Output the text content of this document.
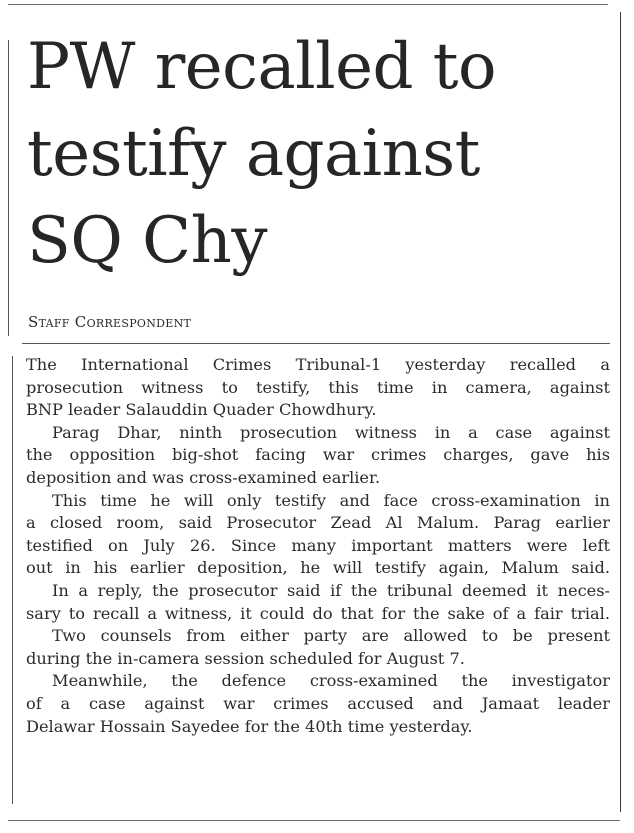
PW recalled to
testify against
SQ Chy
Staff Correspondent
The International Crimes Tribunal-1 yesterday recalled a
prosecution witness to testify, this time in camera, against
BNP leader Salauddin Quader Chowdhury.
Parag Dhar, ninth prosecution witness in a case against
the opposition big-shot facing war crimes charges, gave his
deposition and was cross-examined earlier.
This time he will only testify and face cross-examination in
a closed room, said Prosecutor Zead Al Malum. Parag earlier
testified on July 26. Since many important matters were left
out in his earlier deposition, he will testify again, Malum said.
In a reply, the prosecutor said if the tribunal deemed it neces-
sary to recall a witness, it could do that for the sake of a fair trial.
Two counsels from either party are allowed to be present
during the in-camera session scheduled for August 7.
Meanwhile, the defence cross-examined the investigator
of a case against war crimes accused and Jamaat leader
Delawar Hossain Sayedee for the 40th time yesterday.
